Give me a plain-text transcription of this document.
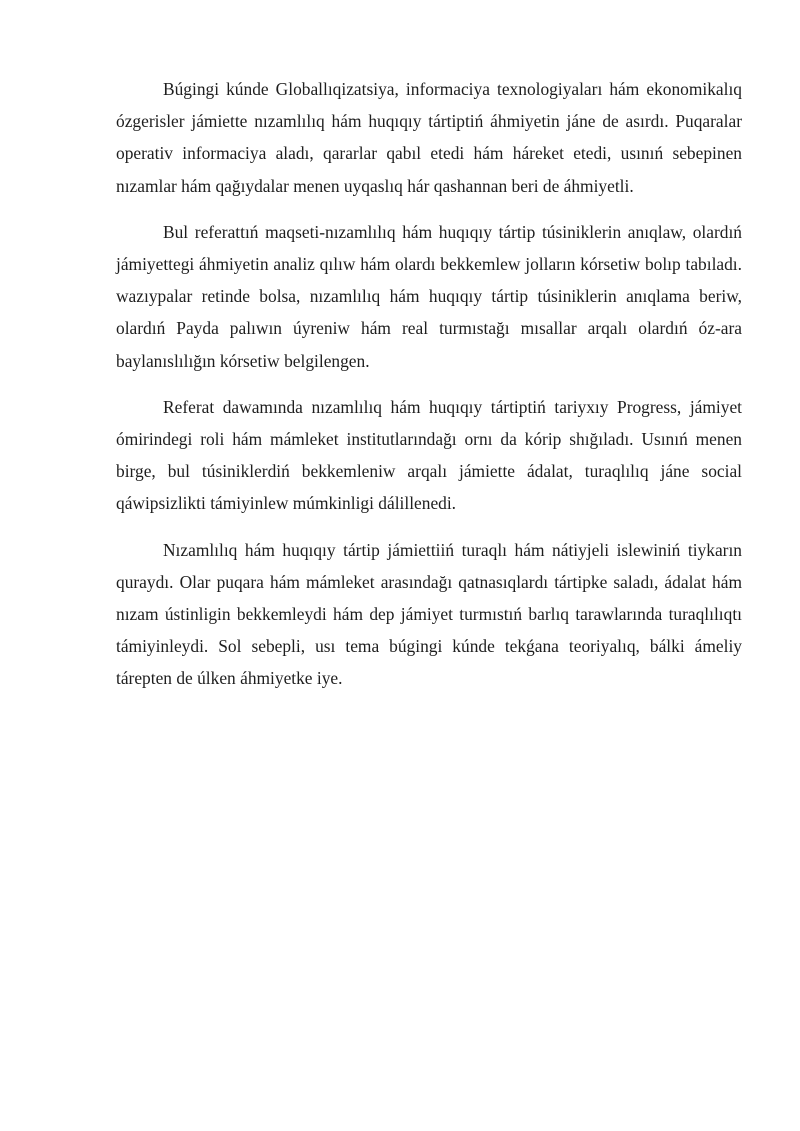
Búgingi kúnde Globallıqizatsiya, informaciya texnologiyaları hám ekonomikalıq ózgerisler jámiette nızamlılıq hám huqıqıy tártiptiń áhmiyetin jáne de asırdı. Puqaralar operativ informaciya aladı, qararlar qabıl etedi hám háreket etedi, usınıń sebepinen nızamlar hám qağıydalar menen uyqaslıq hár qashannan beri de áhmiyetli.

Bul referattıń maqseti-nızamlılıq hám huqıqıy tártip túsiniklerin anıqlaw, olardıń jámiyettegi áhmiyetin analiz qılıw hám olardı bekkemlew jolların kórsetiw bolıp tabıladı. wazıypalar retinde bolsa, nızamlılıq hám huqıqıy tártip túsiniklerin anıqlama beriw, olardıń Payda palıwın úyreniw hám real turmıstağı mısallar arqalı olardıń óz-ara baylanıslılığın kórsetiw belgilengen.

Referat dawamında nızamlılıq hám huqıqıy tártiptiń tariyxıy Progress, jámiyet ómirindegi roli hám mámleket institutlarındağı ornı da kórip shığıladı. Usınıń menen birge, bul túsiniklerdiń bekkemleniw arqalı jámiette ádalat, turaqlılıq jáne social qáwipsizlikti támiyinlew múmkinligi dálillenedi.

Nızamlılıq hám huqıqıy tártip jámiettiiń turaqlı hám nátiyjeli islewiniń tiykarın quraydı. Olar puqara hám mámleket arasındağı qatnasıqlardı tártipke saladı, ádalat hám nızam ústinligin bekkemleydi hám dep jámiyet turmıstıń barlıq tarawlarında turaqlılıqtı támiyinleydi. Sol sebepli, usı tema búgingi kúnde tekǵana teoriyalıq, bálki ámeliy tárepten de úlken áhmiyetke iye.
